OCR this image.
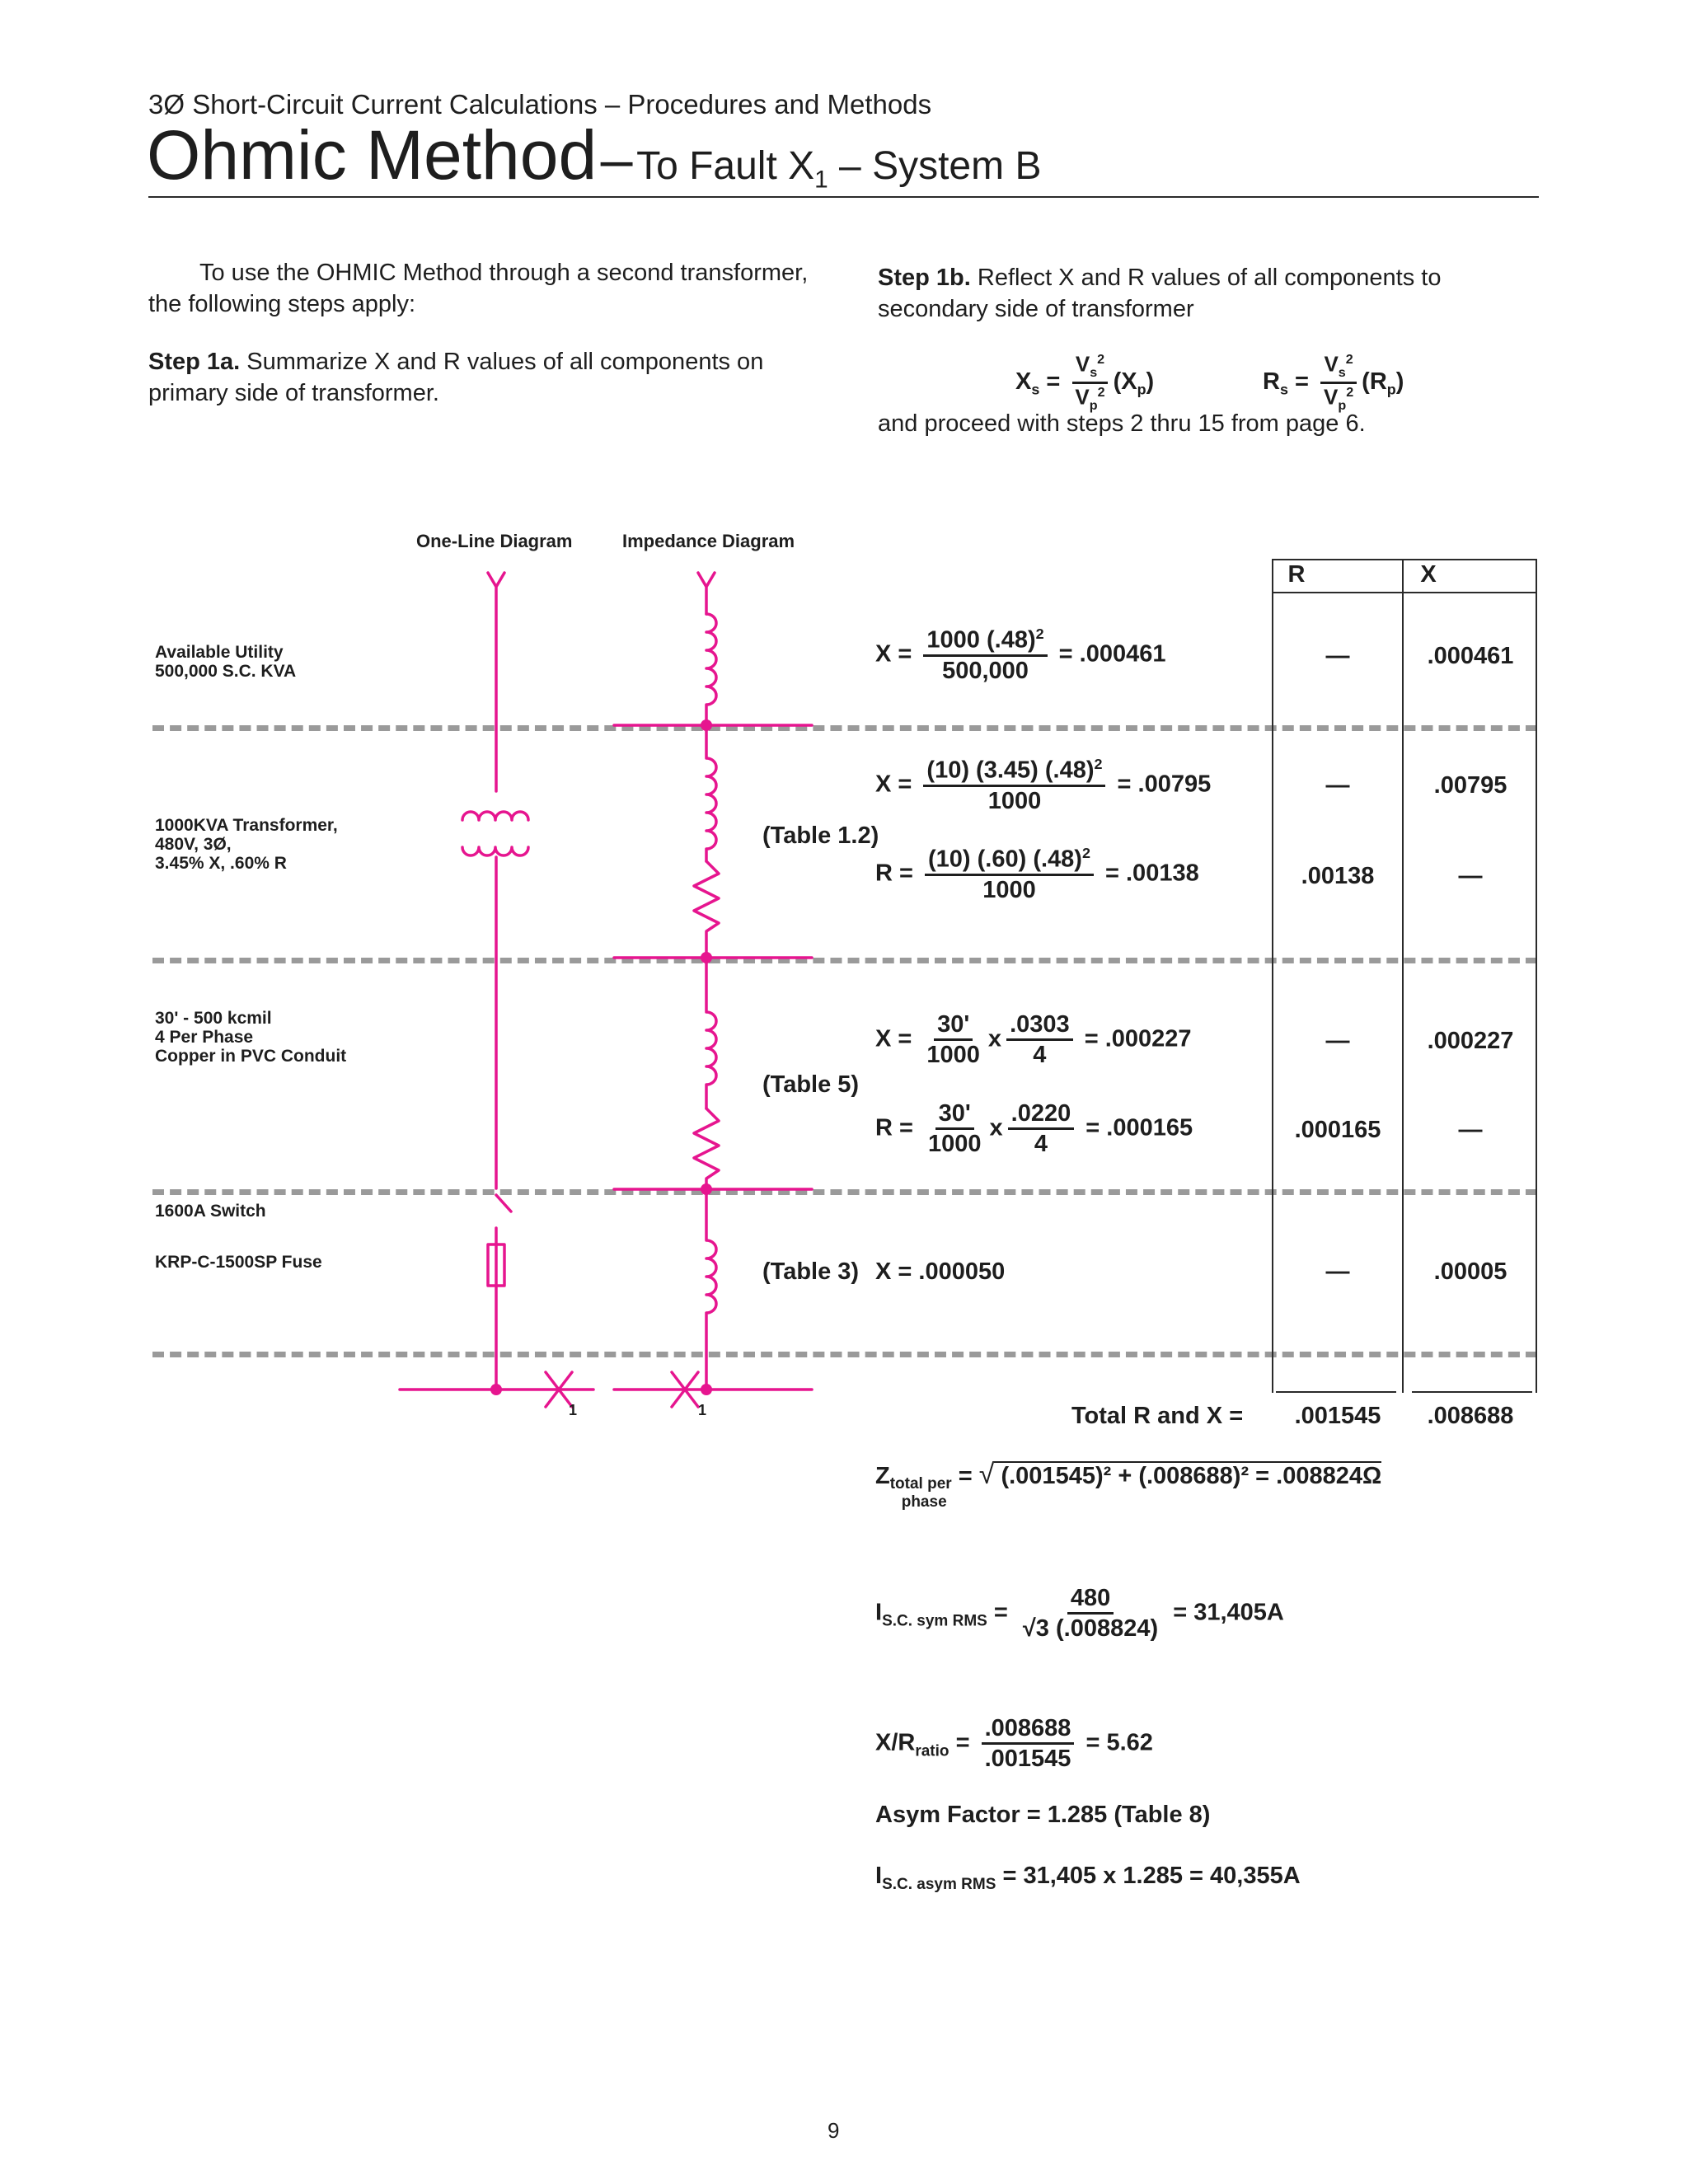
3Ø Short-Circuit Current Calculations – Procedures and Methods
Ohmic Method – To Fault $X_1$ – System B
To use the OHMIC Method through a second transformer, the following steps apply:
Step 1a. Summarize X and R values of all components on primary side of transformer.
Step 1b. Reflect X and R values of all components to secondary side of transformer
$X_s = \frac{V_s^2}{V_p^2} (X_p)$	$R_s = \frac{V_s^2}{V_p^2} (R_p)$
and proceed with steps 2 thru 15 from page 6.
One-Line Diagram	Impedance Diagram
Available Utility
500,000 S.C. KVA
1000KVA Transformer,
480V, 3Ø,
3.45% X, .60% R
30' - 500 kcmil
4 Per Phase
Copper in PVC Conduit
1600A Switch
KRP-C-1500SP Fuse
1	1
(Table 1.2)
(Table 5)
(Table 3)
$X = \frac{1000 (.48)^2}{500,000} = .000461$
$X = \frac{(10) (3.45) (.48)^2}{1000} = .00795$
$R = \frac{(10) (.60) (.48)^2}{1000} = .00138$
$X = \frac{30'}{1000}$ x $\frac{.0303}{4} = .000227$
$R = \frac{30'}{1000}$ x $\frac{.0220}{4} = .000165$
X = .000050
R	X
—	.000461
—	.00795
.00138	—
—	.000227
.000165	—
—	.00005
Total R and X =	.001545	.008688
Ztotal per
phase
= √ (.001545)² + (.008688)² = .008824Ω
$I_{S.C. sym RMS} = \frac{480}{√3 (.008824)} = 31,405A$
$X/R_{ratio} = \frac{.008688}{.001545} = 5.62$
Asym Factor = 1.285 (Table 8)
$I_{S.C. asym RMS} = 31,405$ x 1.285 = 40,355A
9
